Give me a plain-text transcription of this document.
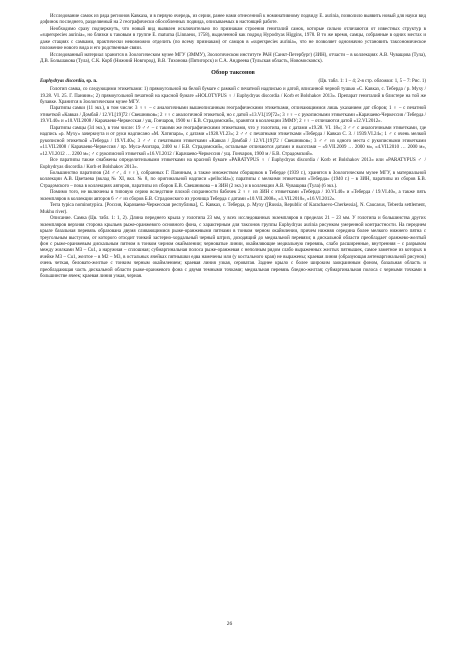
Исследование самок из ряда регионов Кавказа, и в первую очередь, из серии, ранее нами отнесенной к номинативному подвиду E. aurinia, позволило выявить новый для науки вид дофинок последнего, разделяемый на 2 географически обособленных подвида, описываемых в настоящей работе.

Необходимо сразу подчеркнуть, что новый вид выявлен исключительно по признакам строения гениталий самок, которые сильно отличаются от известных структур в «superspecies aurinia», но близки к таковым в группе E. maturna (Linnaeus, 1758), выделенной как подрод Hypodryas Higgins, 1978. В то же время, самцы, собранные в одних местах и даже стациях с самками, практически невозможно отделить (по всему признакам) от самцов в «superspecies aurinia», что не позволяет однозначно установить таксономическое положение нового вида и его родственные связи.

Исследованный материал хранится в Зоологическом музее МГУ (ЗММУ), Зоологическом институте РАН (Санкт-Петербург) (ЗИН), отчасти – в коллекциях А.В. Чуващова (Тула), Д.В. Большакова (Тула), С.К. Корб (Нижний Новгород), В.В. Тихонова (Пятигорск) и С.А. Андреева (Тульская область, Новомосковск).

Обзор таксонов
Euphydryas discordia, sp. n.	(Цв. табл. 1: 1 – 4; 2-я стр. обложки: 1, 5 – 7: Рис. 1)

Голотип самка, со следующими этикетками: 1) прямоугольной на белой бумаге с рамкой с печатной надписью и датой, вписанной черной тушью «С. Кавказ, с. Теберда / р. Муху / 19.28. VI. 25. Г. Паниин»; 2) прямоугольной печатной на красной бумаге «HOLOTYPUS ♀ / Euphydryas discordia / Korb et Bolshakov 2013». Препарат гениталий в блистере на той же булавке. Хранится в Зоологическом музее МГУ.

Паратипы самки (11 экз.), в том числе: 3 ♀♀ – с аналогичными вышеописанным географическими этикетками, отличающимися лишь указанием дат сборов; 1 ♀ – с печатной этикеткой «Кавказ / Домбай / 12.VI.[19]72 / Свешников»; 2 ♀♀ с аналогичной этикеткой, но с датой «13.VI.[19]72»; 3 ♀♀ – с рукописными этикетками «Карачаево-Черкессия / Теберда / 19.VI.40» и «10.VII.2008 / Карачаево-Черкесская / ущ. Гончаров, 1900 м / Б.В. Страдомский», хранятся в коллекции ЗММУ; 2 ♀♀ – отличаются датой «12.VI.2012».

Паратипы самцы (34 экз.), в том числе: 19 ♂♂ – с такими же географическими этикетками, что у голотипа, но с датами «19.28. VI. 18»; 3 ♂♂ с аналогичными этикетками, где надпись «р. Муху» зачеркнута и от руки надписано «М. Хатипара», с датами «1928.VI.23»; 2 ♂♂ с печатными этикетками «Теберда / Кавказ С. З. / 1939.VI.24»; 1 ♂ с очень мелкой рукописной этикеткой «Теберда / 19.VI.40»; 3 ♂♂ с печатными этикетками «Кавказ / Домбай / 12.VI.[19]72 / Свешников»; 3 ♂♂ из одного места с рукописными этикетками «11.VII.2008 / Карачаево-Черкессия / пр. Муса-Ачитара, 2400 м / Б.В. Страдомский», остальные отличаются датами и высотами – «9.VII.2009 … 2000 м», «4.VII.2010 … 2000 м», «12.VI.2012 … 2200 м»; ♂ с рукописной этикеткой «16.VI.2012 / Карачаево-Черкессия / ущ. Гончаров, 1900 м / Б.В. Страдомский».

Все паратипы также снабжены определительными этикетками на красной бумаге «PARATYPUS ♀ / Euphydryas discordia / Korb et Bolshakov 2013» или «PARATYPUS ♂ / Euphydryas discordia / Korb et Bolshakov 2013».

Большинство паратипов (24 ♂♂, 4 ♀♀), собранных Г. Паниным, а также множеством сборщиков в Теберде (1939 г.), хранятся в Зоологическом музее МГУ, в материальной коллекции А.В. Цветаева (вклад № XI, вкл. № 8, по оригинальной надписи «pellucida»); паратипы с мелкими этикетками «Теберда» (1940 г.) – в ЗИН, паратипы из сборов Б.В. Страдомского – пока в коллекциях авторов, паратипы из сборов Е.В. Свешникова – в ЗИН (2 экз.) и в коллекции А.В. Чуващова (Тула) (6 экз.).

Помимо того, не включены в типовую серию вследствие плохой сохранности бабочек 2 ♀♀ из ЗИН с этикетками «Теберда / 10.VI.40» и «Теберда / 19.VI.40», а также пять экземпляров в коллекции авторов 6 ♂♂ из сборов Б.В. Страдомского из урочища Теберда с датами «10.VII.2008», «1.VII.2010», «16.VI.2012».

Terra typica nominotypica. [Россия, Карачаево-Черкесская республика], С. Кавказ, с. Теберда, р. Муху ([Russia, Republic of Karachaevo-Cherkessia], N. Caucasus, Teberda settlement, Mukhu river).

Описание. Самка (Цв. табл. 1: 1, 2). Длина переднего крыла у голотипа 23 мм, у всех исследованных экземпляров в пределах 21 – 23 мм. У голотипа и большинства других экземпляров верхняя сторона крыльев рыже-оранжевого основного фона, с характерным для таксонов группы Euphydryas aurinia рисунком умеренной контрастности. На переднем крыле базальная перевязь образована двумя сливающимися рыже-оранжевыми пятнами в тонком черном окаймлении, причем нижняя середина более мелкого нижнего пятна с треугольным выступом, от которого отходит тонкий застерно-хордальный черный штрих, доходящий до медиальной перевязи; в дискальной области преобладает оранжево-желтый фон с рыже-оранжевым дискальным пятном в тонком черном окаймлении; черноватые линии, окаймляющие медиальную перевязь, слабо расширенные, внутренняя – с разрывом между жилками М3 – Cu1, а наружная – сплошная; субмаргинальная полоса рыже-оранжевая с неполным рядом слабо выраженных желтых пятнышек, самое заметное из которых в ячейке М3 – Cu1, желтое – в М2 – М3, в остальных ячейках пятнышки едва намечены или (у костального края) не выражены; краевая линия (образующая антемаргинальной рисунок) очень четкая, беловато-желтые с тонким черным окаймлением; краевая линия узкая, сероватая. Заднее крыло с более широким заокраинным фоном, базальная область и преобладающая часть дискальной области рыже-оранжевого фона с двумя темными точками; медиальная перевязь бледно-желтая; субмаргинальная полоса с черными точками в большинстве ячеек; краевая линия узкая, черная.

26
